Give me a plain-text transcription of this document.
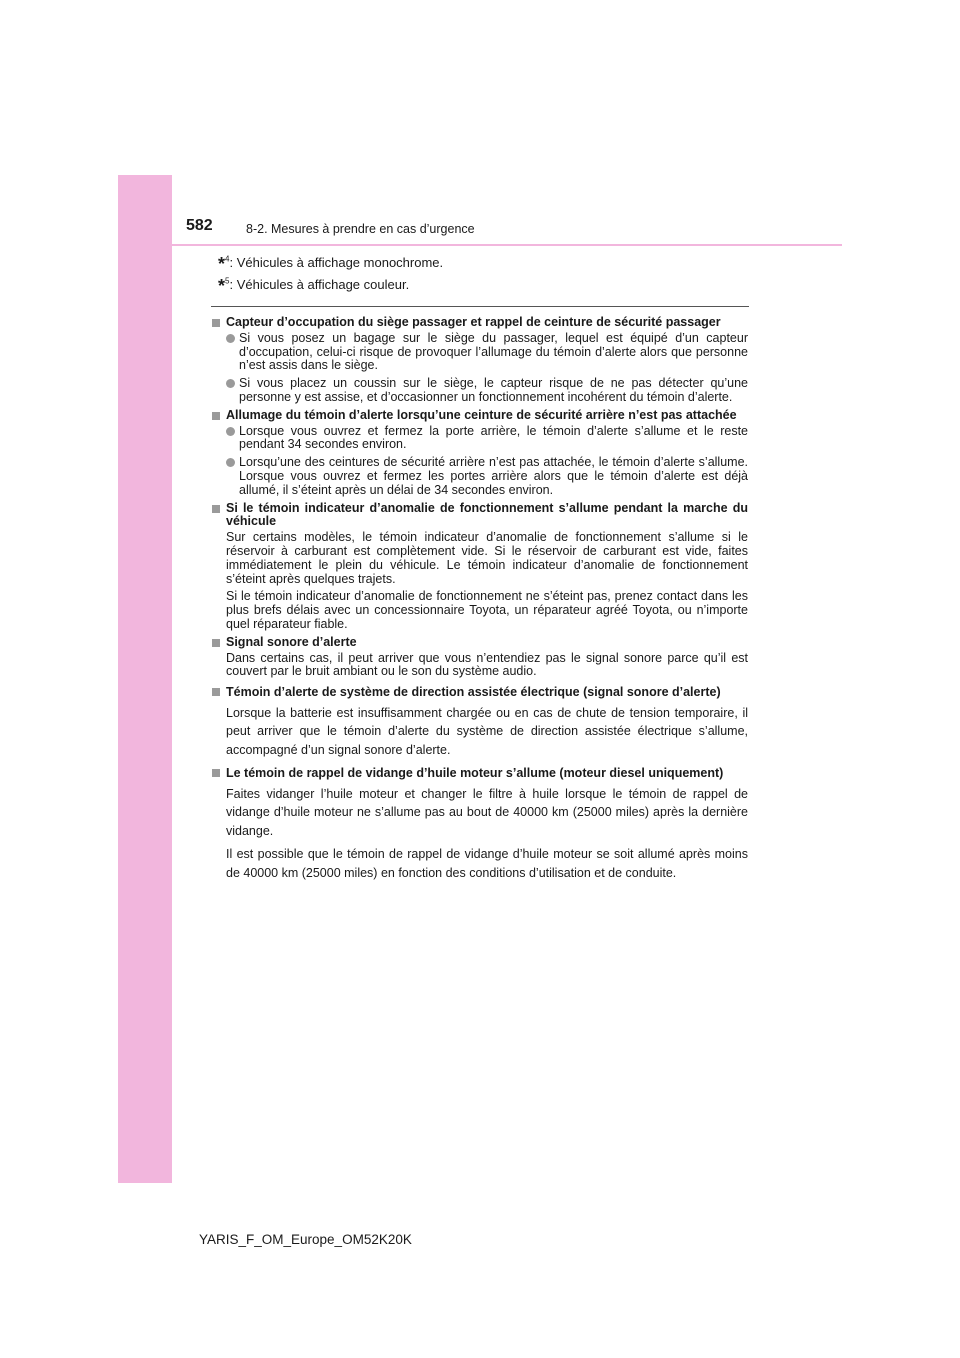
582	8-2. Mesures à prendre en cas d’urgence
*$^4$: Véhicules à affichage monochrome.
*$^5$: Véhicules à affichage couleur.
Capteur d’occupation du siège passager et rappel de ceinture de sécurité passager
Si vous posez un bagage sur le siège du passager, lequel est équipé d’un capteur d’occupation, celui-ci risque de provoquer l’allumage du témoin d’alerte alors que personne n’est assis dans le siège.
Si vous placez un coussin sur le siège, le capteur risque de ne pas détecter qu’une personne y est assise, et d’occasionner un fonctionnement incohérent du témoin d’alerte.
Allumage du témoin d’alerte lorsqu’une ceinture de sécurité arrière n’est pas attachée
Lorsque vous ouvrez et fermez la porte arrière, le témoin d’alerte s’allume et le reste pendant 34 secondes environ.
Lorsqu’une des ceintures de sécurité arrière n’est pas attachée, le témoin d’alerte s’allume. Lorsque vous ouvrez et fermez les portes arrière alors que le témoin d’alerte est déjà allumé, il s’éteint après un délai de 34 secondes environ.
Si le témoin indicateur d’anomalie de fonctionnement s’allume pendant la marche du véhicule
Sur certains modèles, le témoin indicateur d’anomalie de fonctionnement s’allume si le réservoir à carburant est complètement vide. Si le réservoir de carburant est vide, faites immédiatement le plein du véhicule. Le témoin indicateur d’anomalie de fonctionnement s’éteint après quelques trajets.
Si le témoin indicateur d’anomalie de fonctionnement ne s’éteint pas, prenez contact dans les plus brefs délais avec un concessionnaire Toyota, un réparateur agréé Toyota, ou n’importe quel réparateur fiable.
Signal sonore d’alerte
Dans certains cas, il peut arriver que vous n’entendiez pas le signal sonore parce qu’il est couvert par le bruit ambiant ou le son du système audio.
Témoin d’alerte de système de direction assistée électrique (signal sonore d’alerte)
Lorsque la batterie est insuffisamment chargée ou en cas de chute de tension temporaire, il peut arriver que le témoin d’alerte du système de direction assistée électrique s’allume, accompagné d’un signal sonore d’alerte.
Le témoin de rappel de vidange d’huile moteur s’allume (moteur diesel uniquement)
Faites vidanger l’huile moteur et changer le filtre à huile lorsque le témoin de rappel de vidange d’huile moteur ne s’allume pas au bout de 40000 km (25000 miles) après la dernière vidange.
Il est possible que le témoin de rappel de vidange d’huile moteur se soit allumé après moins de 40000 km (25000 miles) en fonction des conditions d’utilisation et de conduite.
YARIS_F_OM_Europe_OM52K20K
